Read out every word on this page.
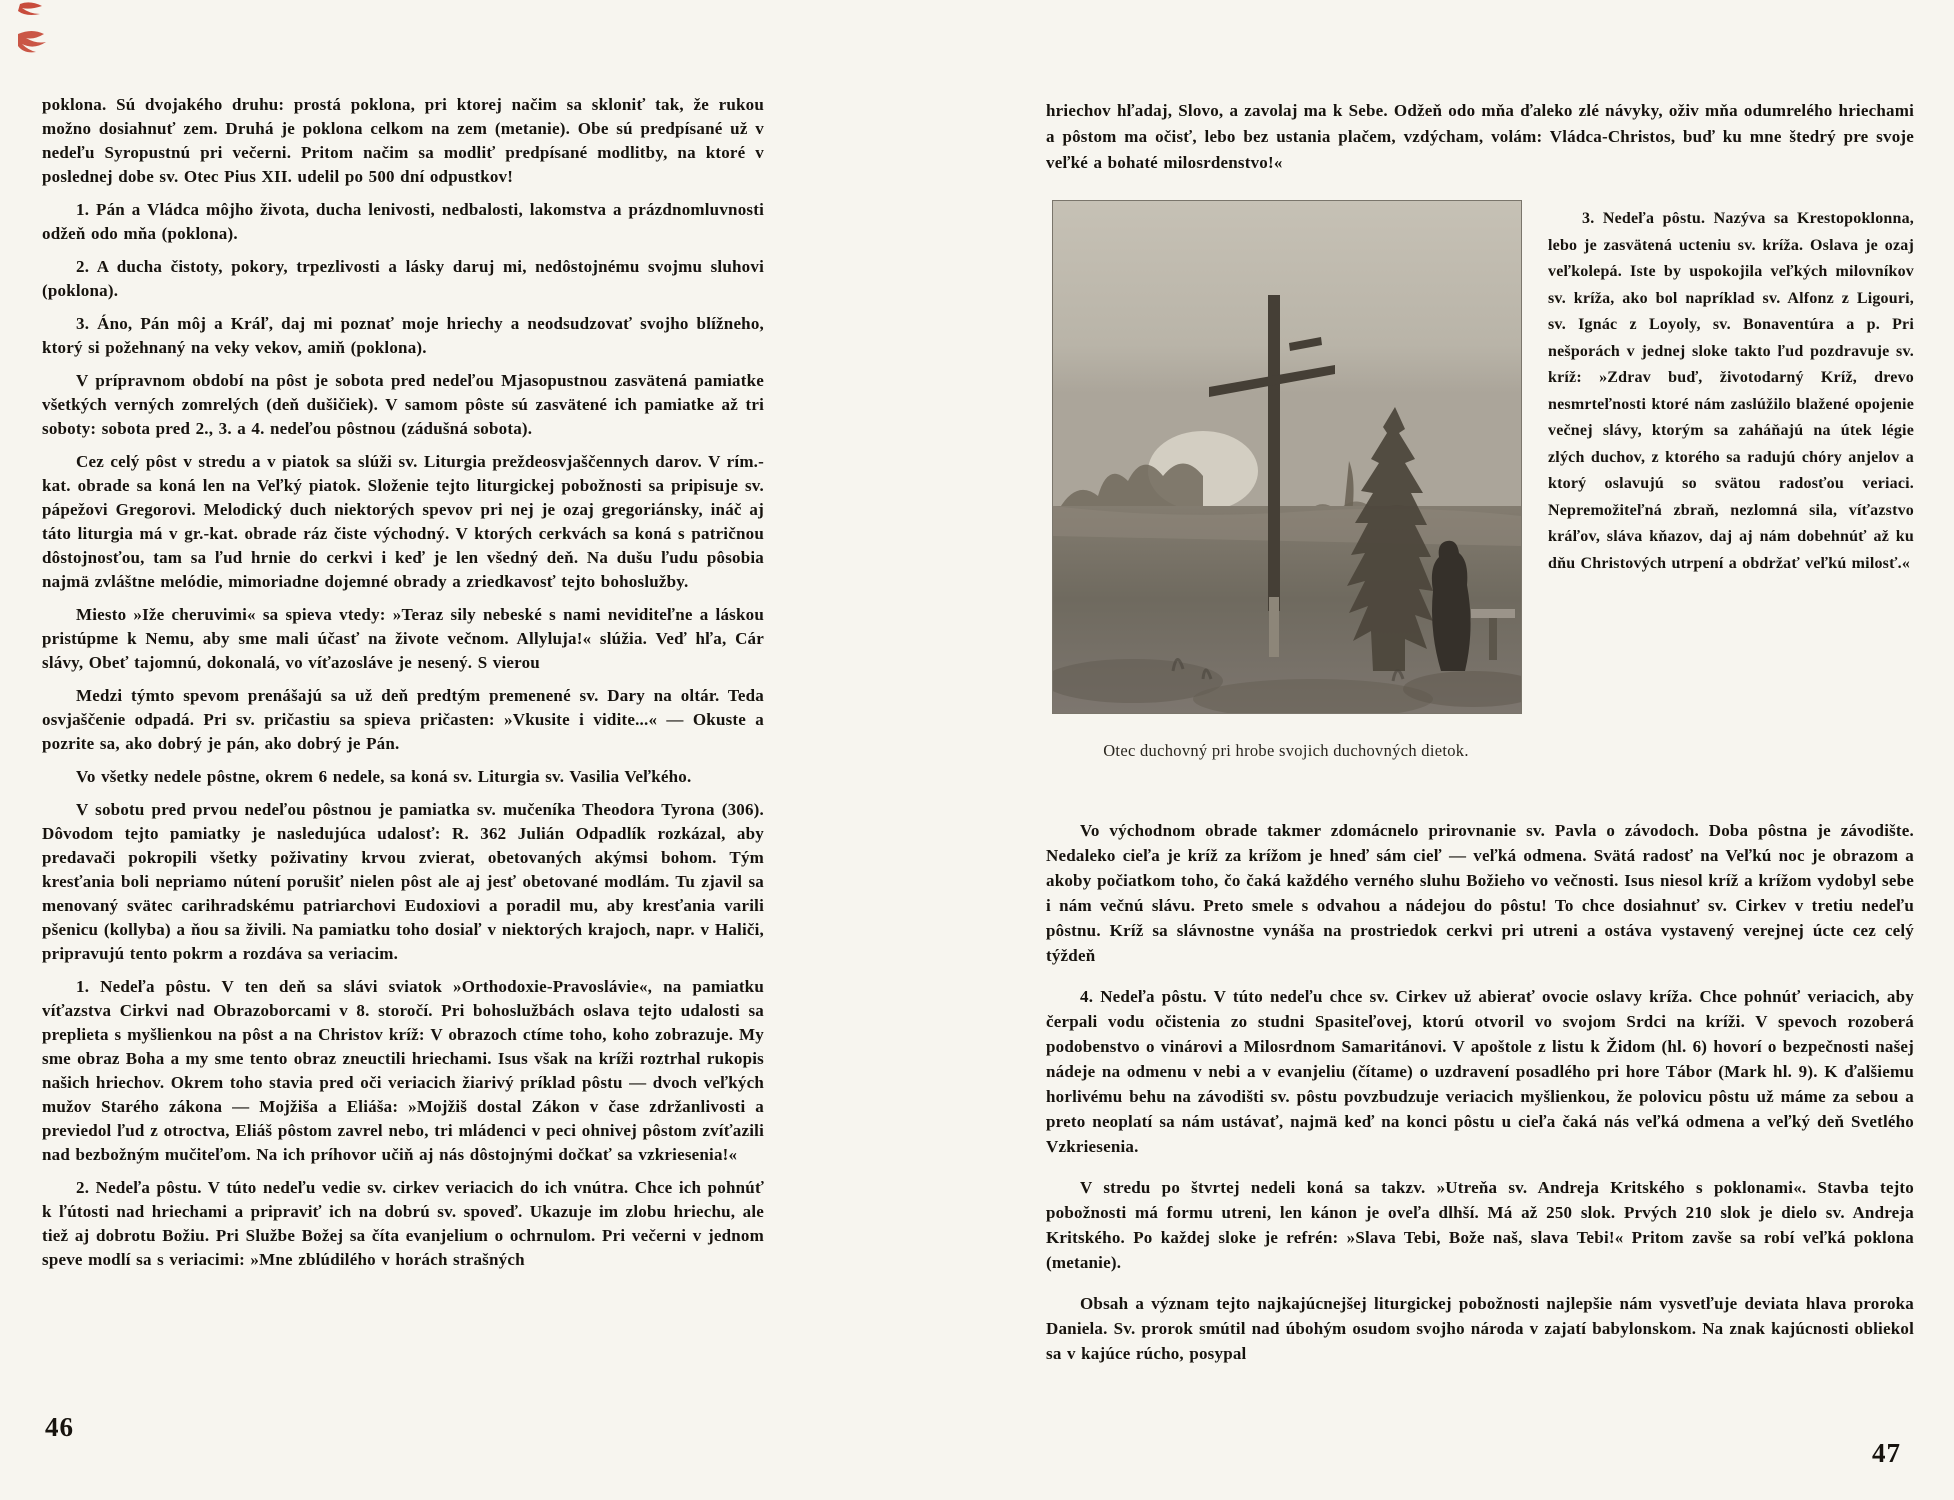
poklona. Sú dvojakého druhu: prostá poklona, pri ktorej načim sa skloniť tak, že rukou možno dosiahnuť zem. Druhá je poklona celkom na zem (metanie). Obe sú predpísané už v nedeľu Syropustnú pri večerni. Pritom načim sa modliť predpísané modlitby, na ktoré v poslednej dobe sv. Otec Pius XII. udelil po 500 dní odpustkov!

1. Pán a Vládca môjho života, ducha lenivosti, nedbalosti, lakomstva a prázdnomluvnosti odžeň odo mňa (poklona).

2. A ducha čistoty, pokory, trpezlivosti a lásky daruj mi, nedôstojnému svojmu sluhovi (poklona).

3. Áno, Pán môj a Kráľ, daj mi poznať moje hriechy a neodsudzovať svojho blížneho, ktorý si požehnaný na veky vekov, amiň (poklona).

V prípravnom období na pôst je sobota pred nedeľou Mjasopustnou zasvätená pamiatke všetkých verných zomrelých (deň dušičiek). V samom pôste sú zasvätené ich pamiatke až tri soboty: sobota pred 2., 3. a 4. nedeľou pôstnou (zádušná sobota).

Cez celý pôst v stredu a v piatok sa slúži sv. Liturgia preždeosvjaščennych darov. V rím.-kat. obrade sa koná len na Veľký piatok. Složenie tejto liturgickej pobožnosti sa pripisuje sv. pápežovi Gregorovi. Melodický duch niektorých spevov pri nej je ozaj gregoriánsky, ináč aj táto liturgia má v gr.-kat. obrade ráz čiste východný. V ktorých cerkvách sa koná s patričnou dôstojnosťou, tam sa ľud hrnie do cerkvi i keď je len všedný deň. Na dušu ľudu pôsobia najmä zvláštne melódie, mimoriadne dojemné obrady a zriedkavosť tejto bohoslužby.

Miesto »Iže cheruvimi« sa spieva vtedy: »Teraz sily nebeské s nami neviditeľne a láskou pristúpme k Nemu, aby sme mali účasť na živote večnom. Allyluja!« slúžia. Veď hľa, Cár slávy, Obeť tajomnú, dokonalá, vo víťazosláve je nesený. S vierou

Medzi týmto spevom prenášajú sa už deň predtým premenené sv. Dary na oltár. Teda osvjaščenie odpadá. Pri sv. pričastiu sa spieva pričasten: »Vkusite i vidite...« — Okuste a pozrite sa, ako dobrý je pán, ako dobrý je Pán.

Vo všetky nedele pôstne, okrem 6 nedele, sa koná sv. Liturgia sv. Vasilia Veľkého.

V sobotu pred prvou nedeľou pôstnou je pamiatka sv. mučeníka Theodora Tyrona (306). Dôvodom tejto pamiatky je nasledujúca udalosť: R. 362 Julián Odpadlík rozkázal, aby predavači pokropili všetky poživatiny krvou zvierat, obetovaných akýmsi bohom. Tým kresťania boli nepriamo nútení porušiť nielen pôst ale aj jesť obetované modlám. Tu zjavil sa menovaný svätec carihradskému patriarchovi Eudoxiovi a poradil mu, aby kresťania varili pšenicu (kollyba) a ňou sa živili. Na pamiatku toho dosiaľ v niektorých krajoch, napr. v Haliči, pripravujú tento pokrm a rozdáva sa veriacim.

1. Nedeľa pôstu. V ten deň sa slávi sviatok »Orthodoxie-Pravoslávie«, na pamiatku víťazstva Cirkvi nad Obrazoborcami v 8. storočí. Pri bohoslužbách oslava tejto udalosti sa preplieta s myšlienkou na pôst a na Christov kríž: V obrazoch ctíme toho, koho zobrazuje. My sme obraz Boha a my sme tento obraz zneuctili hriechami. Isus však na kríži roztrhal rukopis našich hriechov. Okrem toho stavia pred oči veriacich žiarivý príklad pôstu — dvoch veľkých mužov Starého zákona — Mojžiša a Eliáša: »Mojžiš dostal Zákon v čase zdržanlivosti a previedol ľud z otroctva, Eliáš pôstom zavrel nebo, tri mládenci v peci ohnivej pôstom zvíťazili nad bezbožným mučiteľom. Na ich príhovor učiň aj nás dôstojnými dočkať sa vzkriesenia!«

2. Nedeľa pôstu. V túto nedeľu vedie sv. cirkev veriacich do ich vnútra. Chce ich pohnúť k ľútosti nad hriechami a pripraviť ich na dobrú sv. spoveď. Ukazuje im zlobu hriechu, ale tiež aj dobrotu Božiu. Pri Službe Božej sa číta evanjelium o ochrnulom. Pri večerni v jednom speve modlí sa s veriacimi: »Mne zblúdilého v horách strašných

46

hriechov hľadaj, Slovo, a zavolaj ma k Sebe. Odžeň odo mňa ďaleko zlé návyky, oživ mňa odumrelého hriechami a pôstom ma očisť, lebo bez ustania plačem, vzdýcham, volám: Vládca-Christos, buď ku mne štedrý pre svoje veľké a bohaté milosrdenstvo!«

Otec duchovný pri hrobe svojich duchovných dietok.

3. Nedeľa pôstu. Nazýva sa Krestopoklonna, lebo je zasvätená ucteniu sv. kríža. Oslava je ozaj veľkolepá. Iste by uspokojila veľkých milovníkov sv. kríža, ako bol napríklad sv. Alfonz z Ligouri, sv. Ignác z Loyoly, sv. Bonaventúra a p. Pri nešporách v jednej sloke takto ľud pozdravuje sv. kríž: »Zdrav buď, životodarný Kríž, drevo nesmrteľnosti ktoré nám zaslúžilo blažené opojenie večnej slávy, ktorým sa zaháňajú na útek légie zlých duchov, z ktorého sa radujú chóry anjelov a ktorý oslavujú so svätou radosťou veriaci. Nepremožiteľná zbraň, nezlomná sila, víťazstvo kráľov, sláva kňazov, daj aj nám dobehnúť až ku dňu Christových utrpení a obdržať veľkú milosť.«

Vo východnom obrade takmer zdomácnelo prirovnanie sv. Pavla o závodoch. Doba pôstna je závodište. Nedaleko cieľa je kríž za krížom je hneď sám cieľ — veľká odmena. Svätá radosť na Veľkú noc je obrazom a akoby počiatkom toho, čo čaká každého verného sluhu Božieho vo večnosti. Isus niesol kríž a krížom vydobyl sebe i nám večnú slávu. Preto smele s odvahou a nádejou do pôstu! To chce dosiahnuť sv. Cirkev v tretiu nedeľu pôstnu. Kríž sa slávnostne vynáša na prostriedok cerkvi pri utreni a ostáva vystavený verejnej úcte cez celý týždeň

4. Nedeľa pôstu. V túto nedeľu chce sv. Cirkev už abierať ovocie oslavy kríža. Chce pohnúť veriacich, aby čerpali vodu očistenia zo studni Spasiteľovej, ktorú otvoril vo svojom Srdci na kríži. V spevoch rozoberá podobenstvo o vinárovi a Milosrdnom Samaritánovi. V apoštole z listu k Židom (hl. 6) hovorí o bezpečnosti našej nádeje na odmenu v nebi a v evanjeliu (čítame) o uzdravení posadlého pri hore Tábor (Mark hl. 9). K ďalšiemu horlivému behu na závodišti sv. pôstu povzbudzuje veriacich myšlienkou, že polovicu pôstu už máme za sebou a preto neoplatí sa nám ustávať, najmä keď na konci pôstu u cieľa čaká nás veľká odmena a veľký deň Svetlého Vzkriesenia.

V stredu po štvrtej nedeli koná sa takzv. »Utreňa sv. Andreja Kritského s poklonami«. Stavba tejto pobožnosti má formu utreni, len kánon je oveľa dlhší. Má až 250 slok. Prvých 210 slok je dielo sv. Andreja Kritského. Po každej sloke je refrén: »Slava Tebi, Bože naš, slava Tebi!« Pritom zavše sa robí veľká poklona (metanie).

Obsah a význam tejto najkajúcnejšej liturgickej pobožnosti najlepšie nám vysvetľuje deviata hlava proroka Daniela. Sv. prorok smútil nad úbohým osudom svojho národa v zajatí babylonskom. Na znak kajúcnosti obliekol sa v kajúce rúcho, posypal

47
